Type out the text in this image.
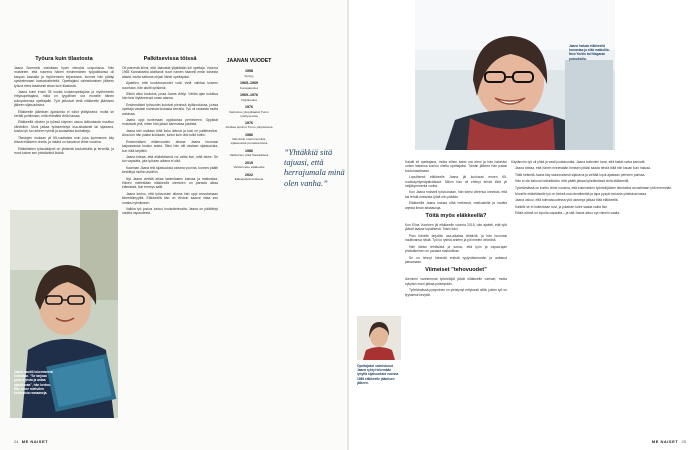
Työura kuin tilastosta

Jaana Sommelo mainitaan hyvin vienoksi urapolussa. Hän muistelee, että nuorena hänen ensimmäinen työpaikkansa oli kaupan kassalla ja myöhemmin kirjastossa, kunnes hän päätyi opiskelemaan kasvatustieteitä. Opettajaksi valmistumisen jälkeen työura eteni tasaisesti aivan kuin tilastosta.

Jaana toimi ensin 35 vuotta luokanopettajana ja myöhemmin erityisopettajana, mikä on tyypillinen ura monelle hänen sukupolvensa opettajalle. Työt jatkuivat vielä eläkkeelle jäämisen jälkeen sijaisuuksina.

Eläkkeelle jäämisen ajankohta ei tullut yllätyksenä, mutta se herätti pohtimaan, mitä elämältä vielä haluaa.

Eläkkeellä olevien ja työssä käyvien osuus ikäluokasta muuttuu vähitellen. Moni jatkaa työskentelyä osa-aikaisesti tai sijaisena, koska työ tuo arkeen rytmiä ja sosiaalisia kontakteja.

Tilastojen mukaan yli 65-vuotiaista noin joka kymmenes käy töissä eläkkeen ohella, ja määrä on kasvanut viime vuosina.

Eläkeläisten työssäkäynti on yleisintä koulutetuilla ja terveillä, ja moni kokee sen piristävänä lisänä.

Jaana nauttii lukemisesta kotonaan. ”Se tarjoaa paon arjesta ja antaa ajateltavaa”, hän kertoo. Hän lukee mieluiten kotimaisia romaaneja.
Palkitsevissa töissä

Oli pienestä kiinni, että Jaanasta ylipäätään tuli opettaja. Vuonna 1965 Kannaksella aloittanut nuori nainen haaveili ensin toisesta alasta, mutta sattuma ohjasi hänet opettajaksi.

Ajatellen, että koulutusvuodet voisi vielä vaihtaa toiseen suuntaan, hän aloitti opiskelut.

Silloin alkoi koulutus, jossa Jaana viihtyi. Vähän ajan kuluttua hän tiesi löytäneensä oman alansa.

Ensimmäiset työvuodet kuluivat pienissä kyläkouluissa, joissa opettaja vastasi monesta luokasta kerralla. Työ oli raskasta mutta antoisaa.

Jaana oppi tuntemaan oppilaansa perheineen. Oppilaat muistavat yhä, miten hän jaksoi kannustaa jokaista.

Jaana teki urallaan töitä koko ikänsä ja koki ne palkitseviksi. Aina kun hän palasi luokkaan, tuntui kuin olisi tullut kotiin.

Ensimmäisen eläkevuoden aikana Jaana huomasi kaipaavansa koulun arkea. Siksi hän otti vastaan sijaisuuksia, kun niitä tarjottiin.

Jaana toteaa, että eläkeläisenä voi valita itse, mitä tekee. Se tuo vapautta, jota työuran aikana ei ollut.

Kaarinan Jaana teki sijaisuuksia useana vuonna, kunnes päätti keskittyä muihin asioihin.

Nyt Jaana viettää aikaa lastenlasten kanssa ja matkustaa. Hänen mielestään eläkkeellä oleminen on parasta aikaa elämässä, kun terveys sallii.

Jaana kertoo, että työvuosien aikana hän oppi arvostamaan kiireettömyyttä. Eläkkeellä hän on vihdoin saanut ottaa sen omaksi rytmikseen.

Vaikka työ joskus tuntuu houkuttelevalta, Jaana on päättänyt nauttia vapaudesta.

JAANAN VUODET
1958
Syntyy
1965–1969
Kansakoulua
1969–1976
Oppikoulua
1976
Valmistuu ylioppilaaksi Turun tyttölyseosta
1976
Aloittaa opinnot Turun yliopistossa
1986
Valmistuu merkonomiksi, sijaisuuksia peruskoulussa
1986
Vakituinen virka Naantalissa
2019
Varhennettu eläkkeelle
2022
Eläkepäivät koittavat
”Yhtäkkiä sitä tajuasi, että herrajumala minä olen vanha.”
24 ME NAISET
Jaana haluaa eläkkeellä harrastaa ja elää matkoilla. New Yorkin tai Niagaran putouksilla.

Kaiutti eli opettajana, mutta siihen kaksi ura eteni ja hän hakeutui omien lastensa koulun ohella opettajaksi. Tämän jälkeen hän palasi koulumaailmaan.

Lopullisesti eläkkeelle Jaana jäi kuukausi ennen 65-vuotissyntymäpäiväänsä. Silloin hän oli ehtinyt tehdä töitä yli neljäkymmentä vuotta.

Kun Jaana muisteli työvuosiaan, hän totesi olleensa onnekas, että sai tehdä mieluista työtä niin pitkään.

Eläkkeellä Jaana haluaa elää hetkessä, matkustella ja nauttia arjesta ilman aikatauluja.

Töitä myös eläkkeellä?

Kun Elina Vuorinen jäi eläkkeelle vuonna 2018, hän ajatteli, että työt jäävät taakse lopullisesti. Toisin kävi.

Pian hänelle tarjottiin osa-aikaisia tehtäviä, ja hän huomasi nauttivansa niistä. Työ toi rytmiä arkeen ja piti mielen virkeänä.

Hän ilahtui tehtävistä ja sanoo, että työn ja vapaa-ajan yhdistäminen on parasta mahdollista.

Se on tehnyt hänestä entistä tyytyväisemmän ja auttanut jaksamaan.

Viimeiset ”tehovuodet”

Aiemmin vanhemmat työntekijät jäivät eläkkeelle varhain, mutta nykyisin moni jatkaa pidempään.

Työelämässä pysyminen on yleistynyt erityisesti niillä, joiden työ on fyysisesti kevyttä.

Opettajaksi valmistunut Jaana ryhtyi tekemään lyhyitä sijaisuuksia vuonna 1986 eläkkeelle jäämisen jälkeen.

Käytännön työ oli pitkä ja vaati joustavuutta. Jaana kuitenkin tunsi, että kaikki vaiva kannatti.

Jaana toteaa, että hänen mielestään ihmisen pitäisi saada tehdä töitä niin kauan kuin haluaa.

Tällä hetkellä Jaana käy satunnaisesti sijaisena ja viettää loput ajastaan perheen parissa.

Hän ei ole katunut hetkeäkään, että päätti jatkaa työelämässä vielä eläkkeellä.

Työelämässä on koettu viime vuosina, että kokeneiden työntekijöiden tietotaitoa arvostetaan yhä enemmän.

Monelle eläkeläiselle työ on tärkeä osa identiteettiä ja tapa pysyä mukana yhteiskunnassa.

Jaana uskoo, että tulevaisuudessa yhä useampi jatkaa töitä eläkkeellä.

Kaikille se ei kuitenkaan sovi, ja jokaisen tulee saada valita itse.

Eläke-elämä on lopulta vapautta – ja sitä Jaana aikoo nyt viimein vaalia.

ME NAISET 25
